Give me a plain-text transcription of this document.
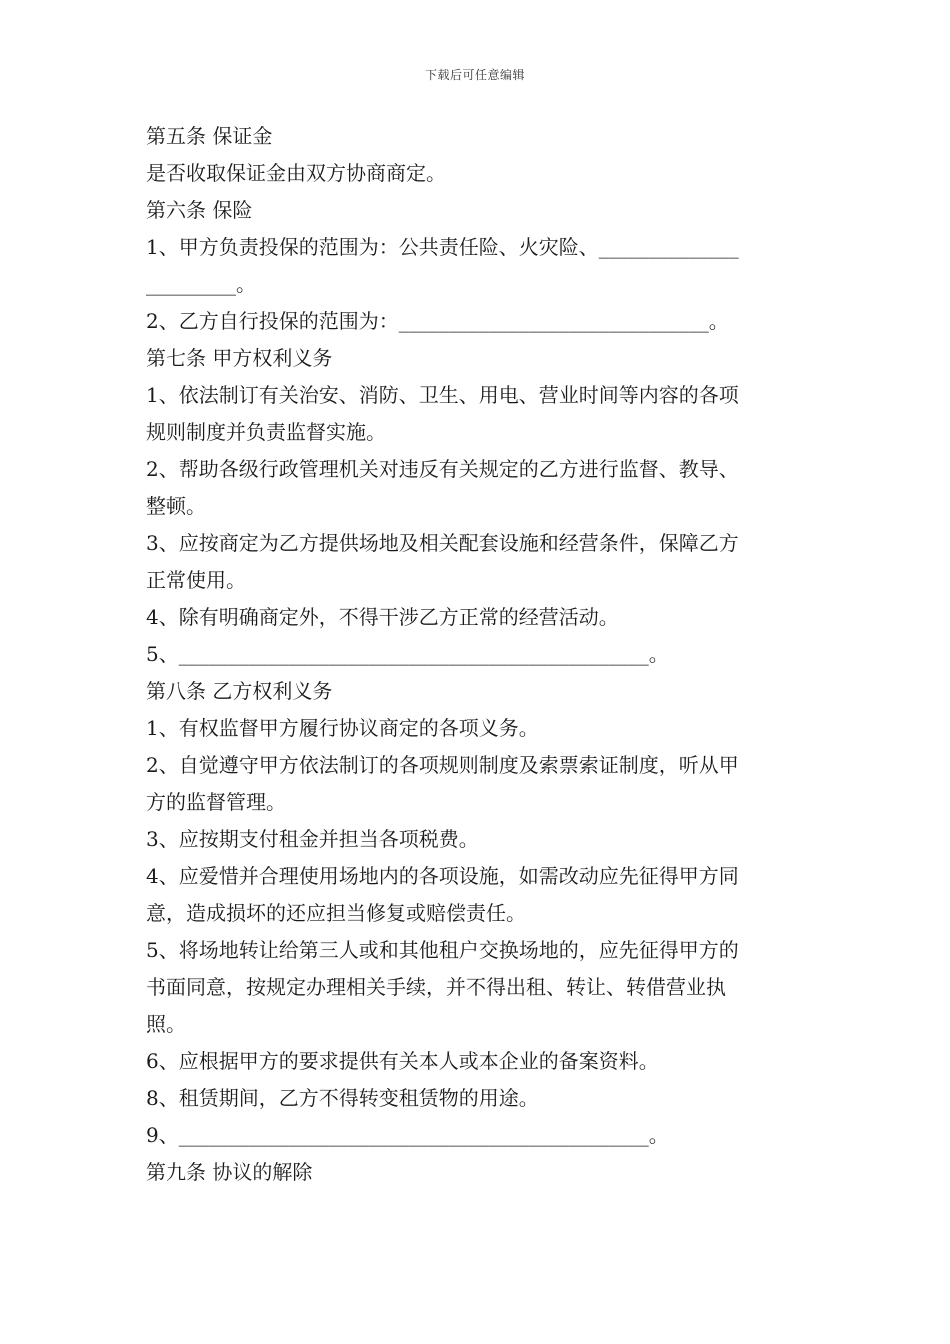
下载后可任意编辑
第五条 保证金
是否收取保证金由双方协商商定。
第六条 保险
1、甲方负责投保的范围为：公共责任险、火灾险、______________
_________。
2、乙方自行投保的范围为：_______________________________。
第七条 甲方权利义务
1、依法制订有关治安、消防、卫生、用电、营业时间等内容的各项
规则制度并负责监督实施。
2、帮助各级行政管理机关对违反有关规定的乙方进行监督、教导、
整顿。
3、应按商定为乙方提供场地及相关配套设施和经营条件，保障乙方
正常使用。
4、除有明确商定外，不得干涉乙方正常的经营活动。
5、_______________________________________________。
第八条 乙方权利义务
1、有权监督甲方履行协议商定的各项义务。
2、自觉遵守甲方依法制订的各项规则制度及索票索证制度，听从甲
方的监督管理。
3、应按期支付租金并担当各项税费。
4、应爱惜并合理使用场地内的各项设施，如需改动应先征得甲方同
意，造成损坏的还应担当修复或赔偿责任。
5、将场地转让给第三人或和其他租户交换场地的，应先征得甲方的
书面同意，按规定办理相关手续，并不得出租、转让、转借营业执
照。
6、应根据甲方的要求提供有关本人或本企业的备案资料。
8、租赁期间，乙方不得转变租赁物的用途。
9、_______________________________________________。
第九条 协议的解除
